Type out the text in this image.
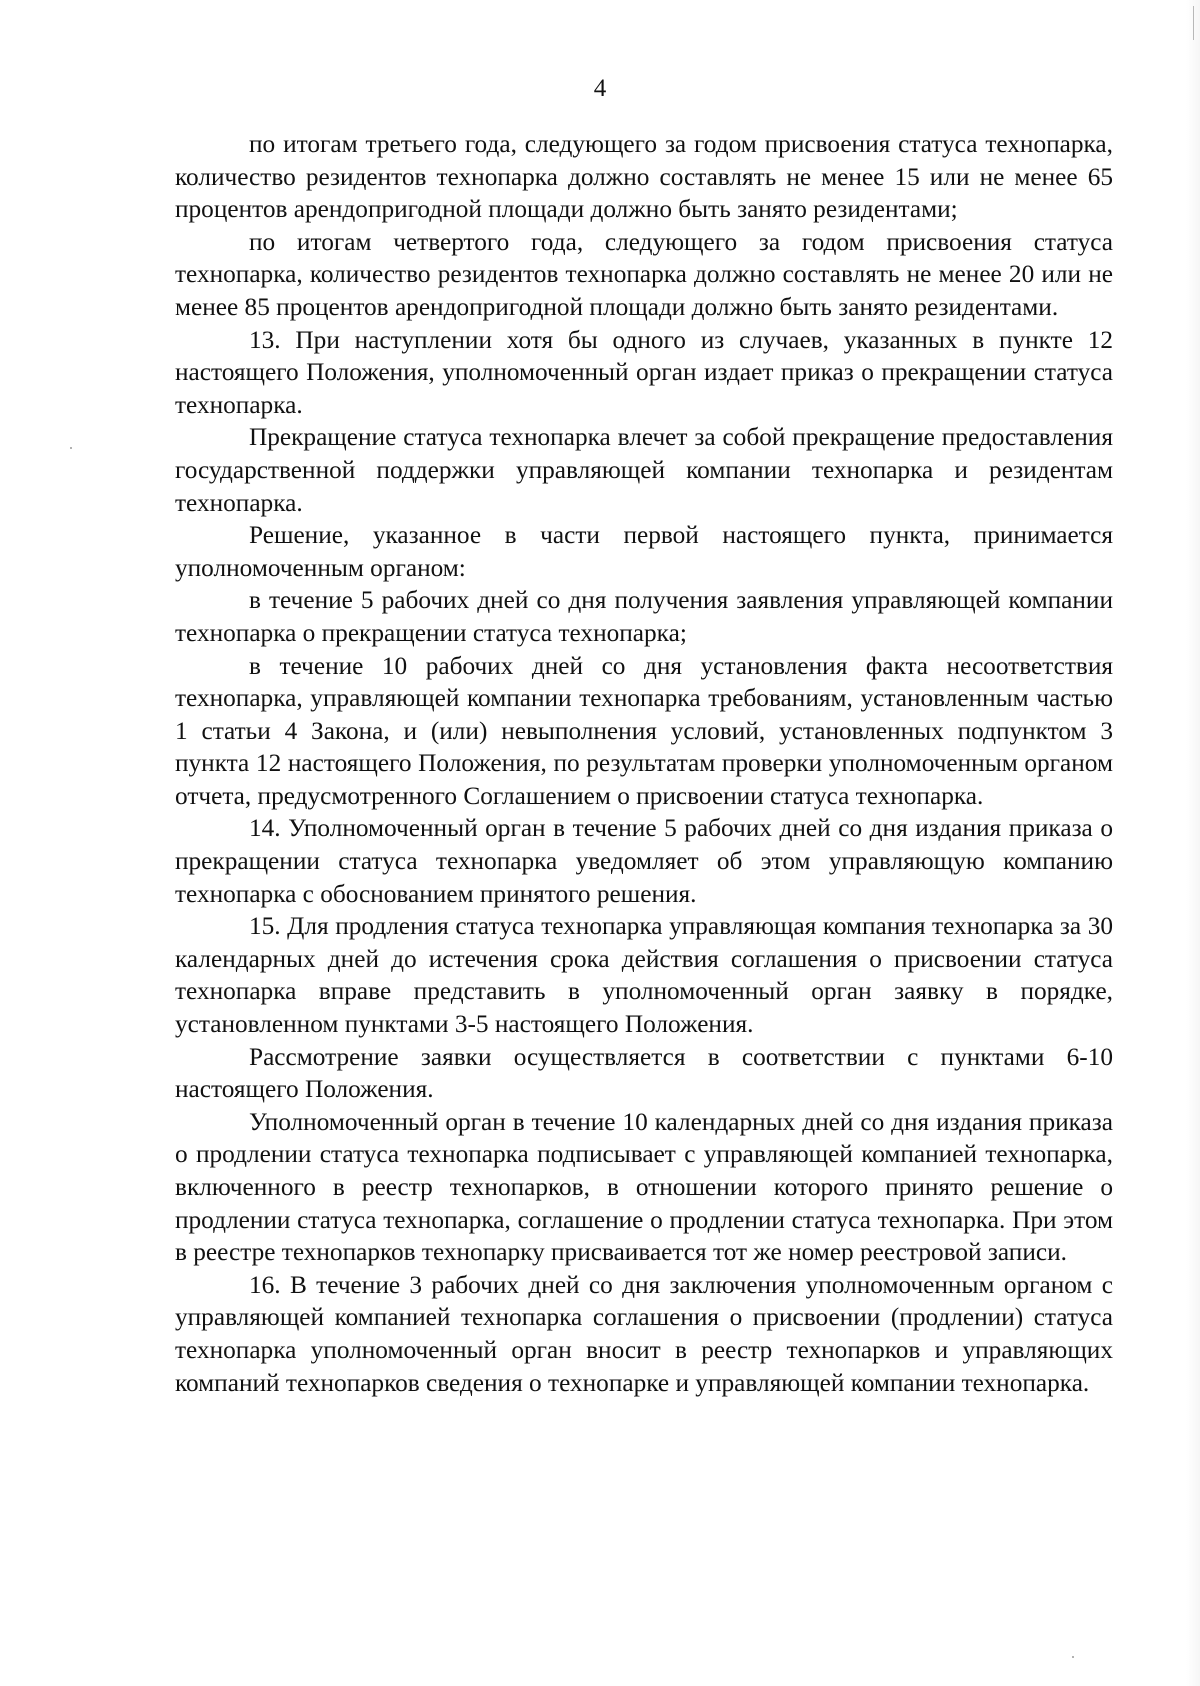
4

по итогам третьего года, следующего за годом присвоения статуса технопарка, количество резидентов технопарка должно составлять не менее 15 или не менее 65 процентов арендопригодной площади должно быть занято резидентами;

по итогам четвертого года, следующего за годом присвоения статуса технопарка, количество резидентов технопарка должно составлять не менее 20 или не менее 85 процентов арендопригодной площади должно быть занято резидентами.

13. При наступлении хотя бы одного из случаев, указанных в пункте 12 настоящего Положения, уполномоченный орган издает приказ о прекращении статуса технопарка.

Прекращение статуса технопарка влечет за собой прекращение предоставления государственной поддержки управляющей компании технопарка и резидентам технопарка.

Решение, указанное в части первой настоящего пункта, принимается уполномоченным органом:

в течение 5 рабочих дней со дня получения заявления управляющей компании технопарка о прекращении статуса технопарка;

в течение 10 рабочих дней со дня установления факта несоответствия технопарка, управляющей компании технопарка требованиям, установленным частью 1 статьи 4 Закона, и (или) невыполнения условий, установленных подпунктом 3 пункта 12 настоящего Положения, по результатам проверки уполномоченным органом отчета, предусмотренного Соглашением о присвоении статуса технопарка.

14. Уполномоченный орган в течение 5 рабочих дней со дня издания приказа о прекращении статуса технопарка уведомляет об этом управляющую компанию технопарка с обоснованием принятого решения.

15. Для продления статуса технопарка управляющая компания технопарка за 30 календарных дней до истечения срока действия соглашения о присвоении статуса технопарка вправе представить в уполномоченный орган заявку в порядке, установленном пунктами 3-5 настоящего Положения.

Рассмотрение заявки осуществляется в соответствии с пунктами 6-10 настоящего Положения.

Уполномоченный орган в течение 10 календарных дней со дня издания приказа о продлении статуса технопарка подписывает с управляющей компанией технопарка, включенного в реестр технопарков, в отношении которого принято решение о продлении статуса технопарка, соглашение о продлении статуса технопарка. При этом в реестре технопарков технопарку присваивается тот же номер реестровой записи.

16. В течение 3 рабочих дней со дня заключения уполномоченным органом с управляющей компанией технопарка соглашения о присвоении (продлении) статуса технопарка уполномоченный орган вносит в реестр технопарков и управляющих компаний технопарков сведения о технопарке и управляющей компании технопарка.
